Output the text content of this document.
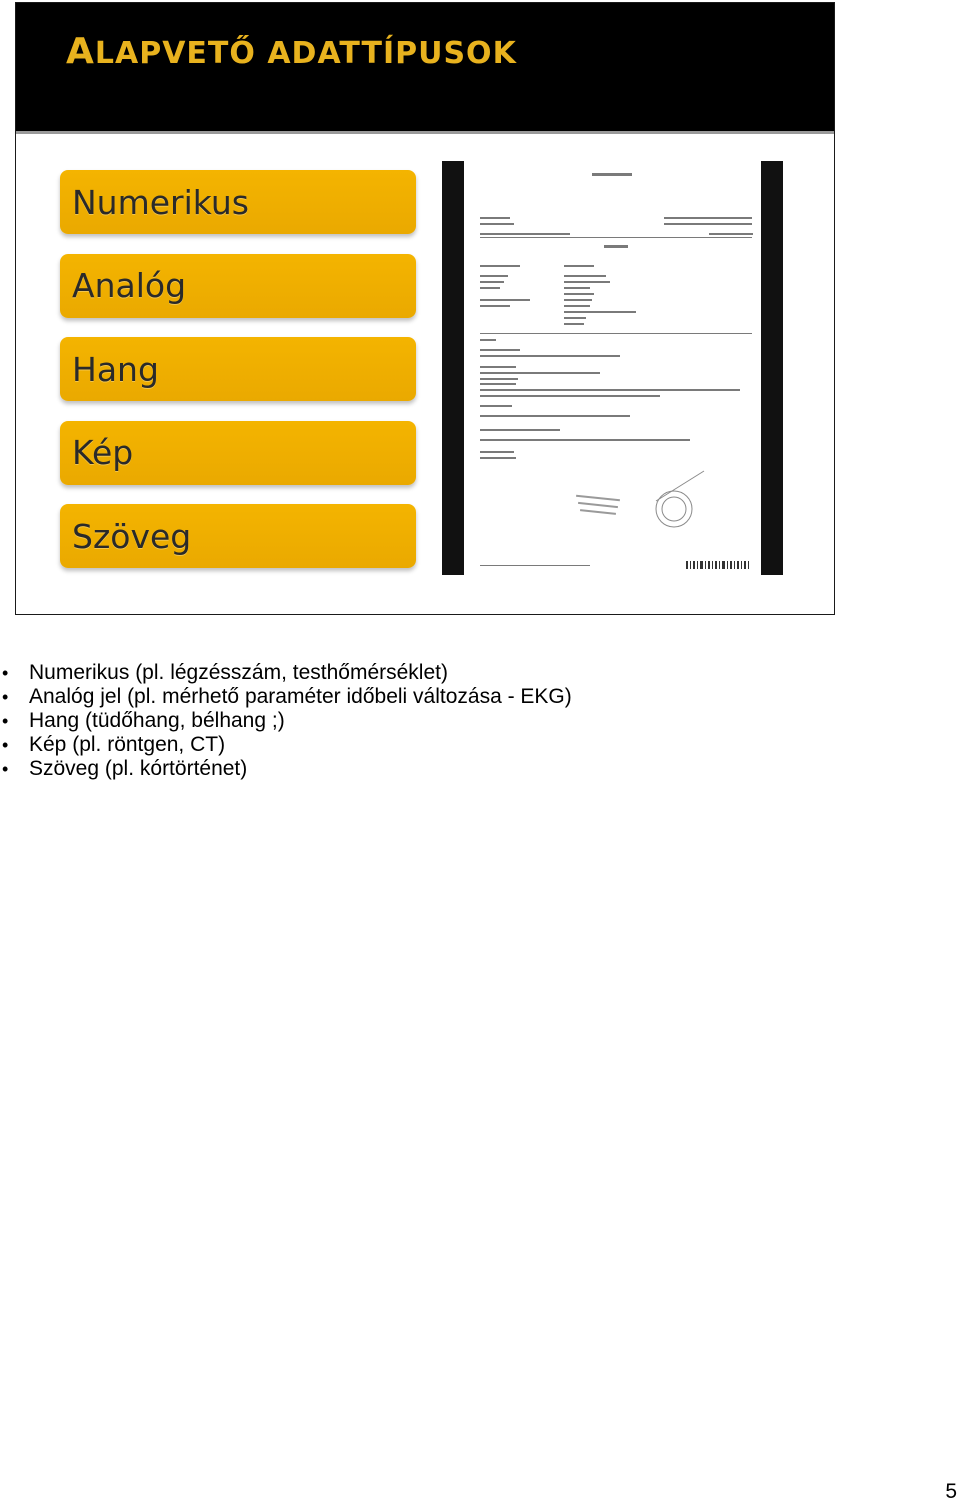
ALAPVETŐ ADATTÍPUSOK
Numerikus
Analóg
Hang
Kép
Szöveg
• Numerikus (pl. légzésszám, testhőmérséklet)
• Analóg jel (pl. mérhető paraméter időbeli változása - EKG)
• Hang (tüdőhang, bélhang ;)
• Kép (pl. röntgen, CT)
• Szöveg (pl. kórtörténet)
5
